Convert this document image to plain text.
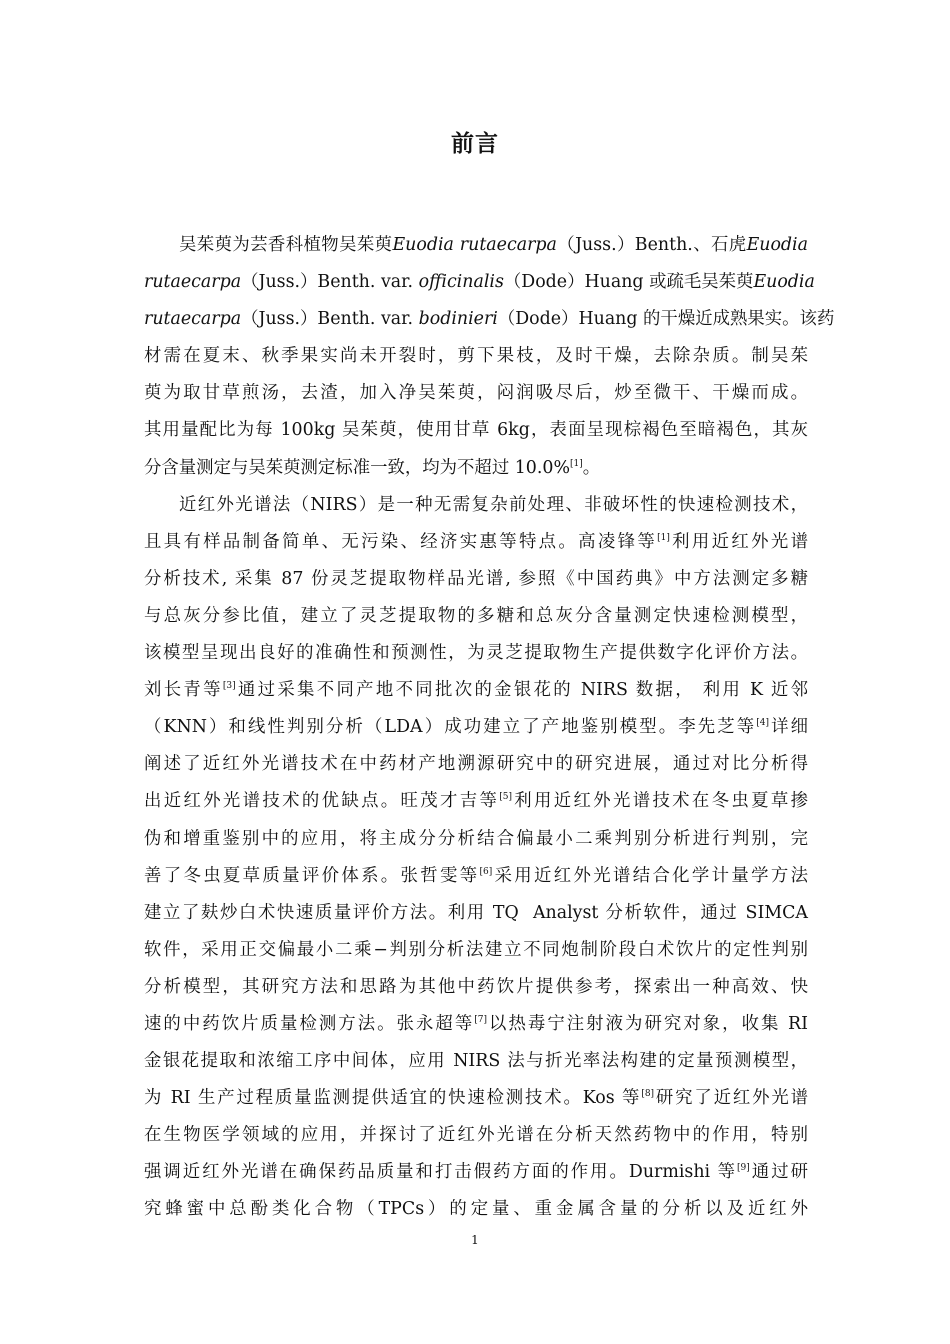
前言
吴茱萸为芸香科植物吴茱萸Euodia rutaecarpa（Juss.）Benth.、石虎Euodia
rutaecarpa（Juss.）Benth. var. officinalis（Dode）Huang 或疏毛吴茱萸Euodia
rutaecarpa（Juss.）Benth. var. bodinieri（Dode）Huang 的干燥近成熟果实。该药
材需在夏末、秋季果实尚未开裂时，剪下果枝，及时干燥，去除杂质。制吴茱
萸为取甘草煎汤，去渣，加入净吴茱萸，闷润吸尽后，炒至微干、干燥而成。
其用量配比为每 100kg 吴茱萸，使用甘草 6kg，表面呈现棕褐色至暗褐色，其灰
分含量测定与吴茱萸测定标准一致，均为不超过 10.0%[1]。
近红外光谱法（NIRS）是一种无需复杂前处理、非破坏性的快速检测技术，
且具有样品制备简单、无污染、经济实惠等特点。高凌锋等[1]利用近红外光谱
分析技术, 采集 87 份灵芝提取物样品光谱, 参照《中国药典》中方法测定多糖
与总灰分参比值，建立了灵芝提取物的多糖和总灰分含量测定快速检测模型，
该模型呈现出良好的准确性和预测性，为灵芝提取物生产提供数字化评价方法。
刘长青等[3]通过采集不同产地不同批次的金银花的 NIRS 数据， 利用 K 近邻
（KNN）和线性判别分析（LDA）成功建立了产地鉴别模型。李先芝等[4]详细
阐述了近红外光谱技术在中药材产地溯源研究中的研究进展，通过对比分析得
出近红外光谱技术的优缺点。旺茂才吉等[5]利用近红外光谱技术在冬虫夏草掺
伪和增重鉴别中的应用，将主成分分析结合偏最小二乘判别分析进行判别，完
善了冬虫夏草质量评价体系。张哲雯等[6]采用近红外光谱结合化学计量学方法
建立了麸炒白术快速质量评价方法。利用 TQ  Analyst 分析软件，通过 SIMCA
软件，采用正交偏最小二乘−判别分析法建立不同炮制阶段白术饮片的定性判别
分析模型，其研究方法和思路为其他中药饮片提供参考，探索出一种高效、快
速的中药饮片质量检测方法。张永超等[7]以热毒宁注射液为研究对象，收集 RI
金银花提取和浓缩工序中间体，应用 NIRS 法与折光率法构建的定量预测模型，
为 RI 生产过程质量监测提供适宜的快速检测技术。Kos 等[8]研究了近红外光谱
在生物医学领域的应用，并探讨了近红外光谱在分析天然药物中的作用，特别
强调近红外光谱在确保药品质量和打击假药方面的作用。Durmishi 等[9]通过研
究蜂蜜中总酚类化合物（TPCs）的定量、重金属含量的分析以及近红外
1
